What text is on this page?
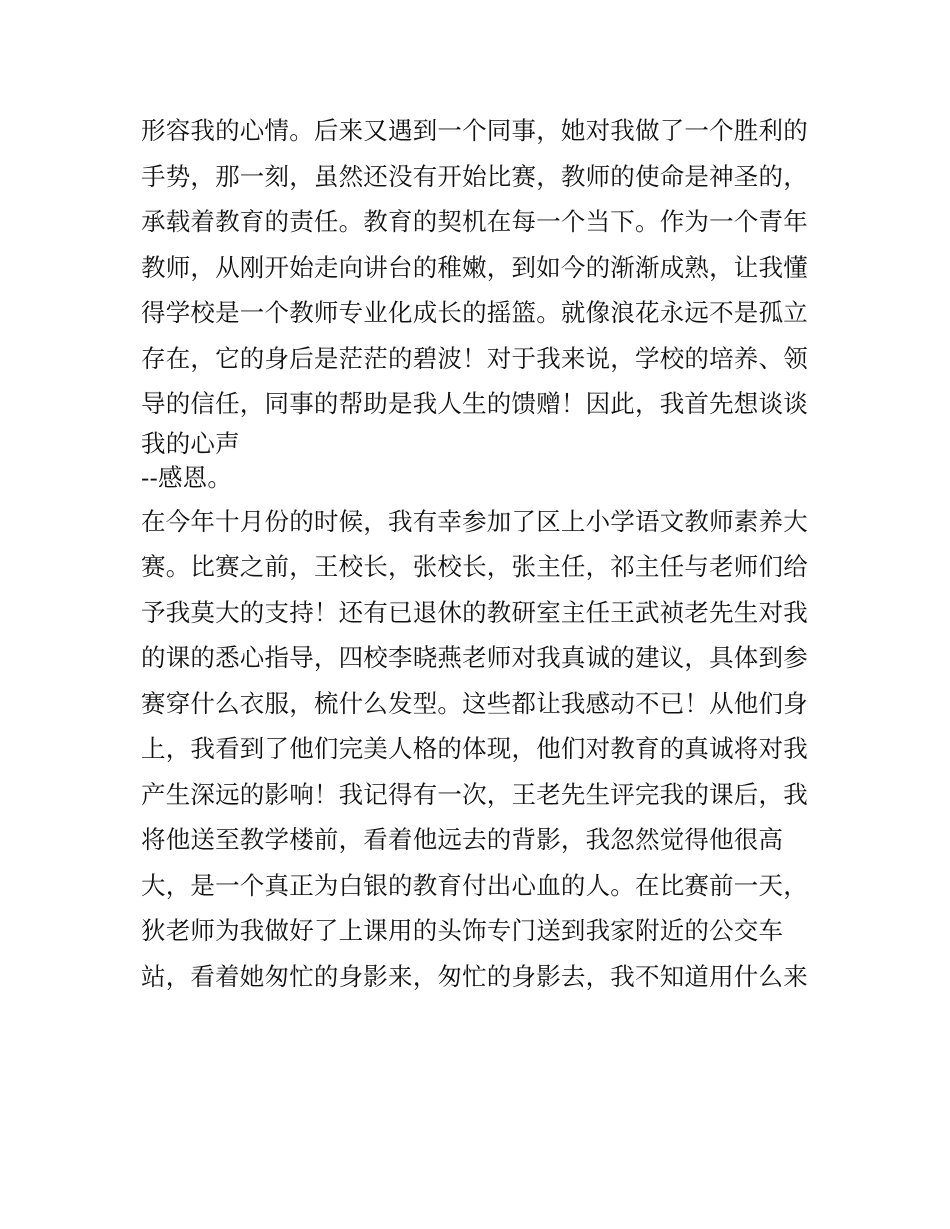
形容我的心情。后来又遇到一个同事，她对我做了一个胜利的
手势，那一刻，虽然还没有开始比赛，教师的使命是神圣的，
承载着教育的责任。教育的契机在每一个当下。作为一个青年
教师，从刚开始走向讲台的稚嫩，到如今的渐渐成熟，让我懂
得学校是一个教师专业化成长的摇篮。就像浪花永远不是孤立
存在，它的身后是茫茫的碧波！对于我来说，学校的培养、领
导的信任，同事的帮助是我人生的馈赠！因此，我首先想谈谈
我的心声
--感恩。
在今年十月份的时候，我有幸参加了区上小学语文教师素养大
赛。比赛之前，王校长，张校长，张主任，祁主任与老师们给
予我莫大的支持！还有已退休的教研室主任王武祯老先生对我
的课的悉心指导，四校李晓燕老师对我真诚的建议，具体到参
赛穿什么衣服，梳什么发型。这些都让我感动不已！从他们身
上，我看到了他们完美人格的体现，他们对教育的真诚将对我
产生深远的影响！我记得有一次，王老先生评完我的课后，我
将他送至教学楼前，看着他远去的背影，我忽然觉得他很高
大，是一个真正为白银的教育付出心血的人。在比赛前一天，
狄老师为我做好了上课用的头饰专门送到我家附近的公交车
站，看着她匆忙的身影来，匆忙的身影去，我不知道用什么来
